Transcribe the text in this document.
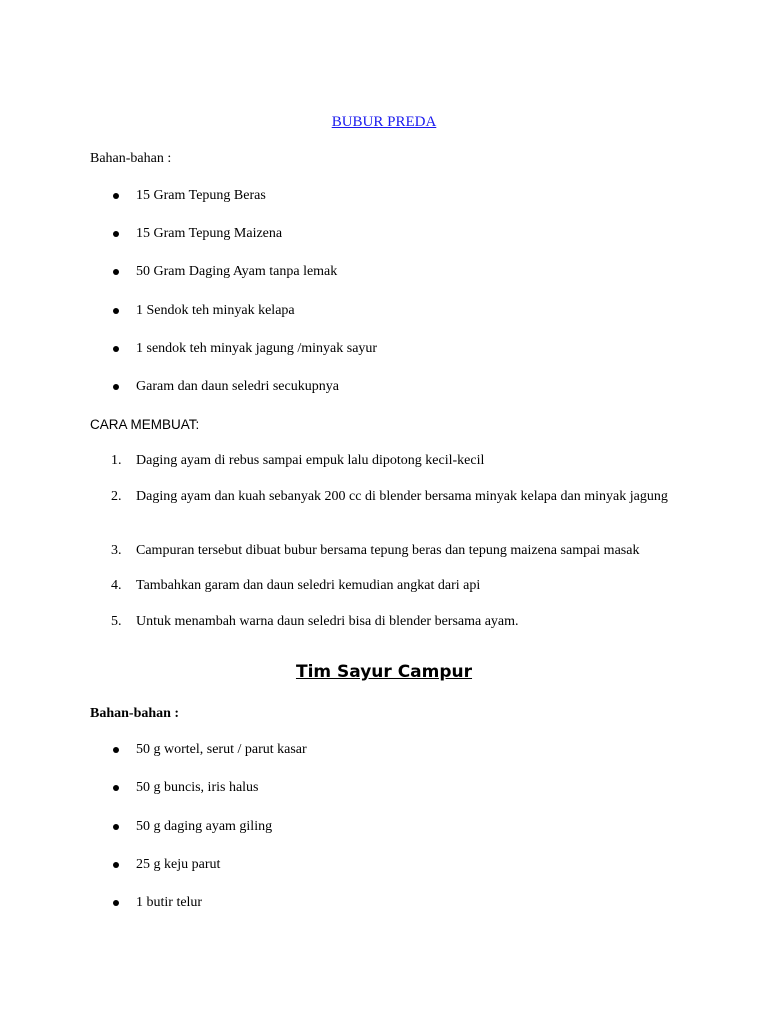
BUBUR PREDA
Bahan-bahan :
15 Gram Tepung Beras
15 Gram Tepung Maizena
50 Gram Daging Ayam tanpa lemak
1 Sendok teh minyak kelapa
1 sendok teh minyak jagung /minyak sayur
Garam dan daun seledri secukupnya
CARA MEMBUAT:
1. Daging ayam di rebus sampai empuk lalu dipotong kecil-kecil
2. Daging ayam dan kuah sebanyak 200 cc di blender bersama minyak kelapa dan minyak jagung
3. Campuran tersebut dibuat bubur bersama tepung beras dan tepung maizena sampai masak
4. Tambahkan garam dan daun seledri kemudian angkat dari api
5. Untuk menambah warna daun seledri bisa di blender bersama ayam.
Tim Sayur Campur
Bahan-bahan :
50 g wortel, serut / parut kasar
50 g buncis, iris halus
50 g daging ayam giling
25 g keju parut
1 butir telur
